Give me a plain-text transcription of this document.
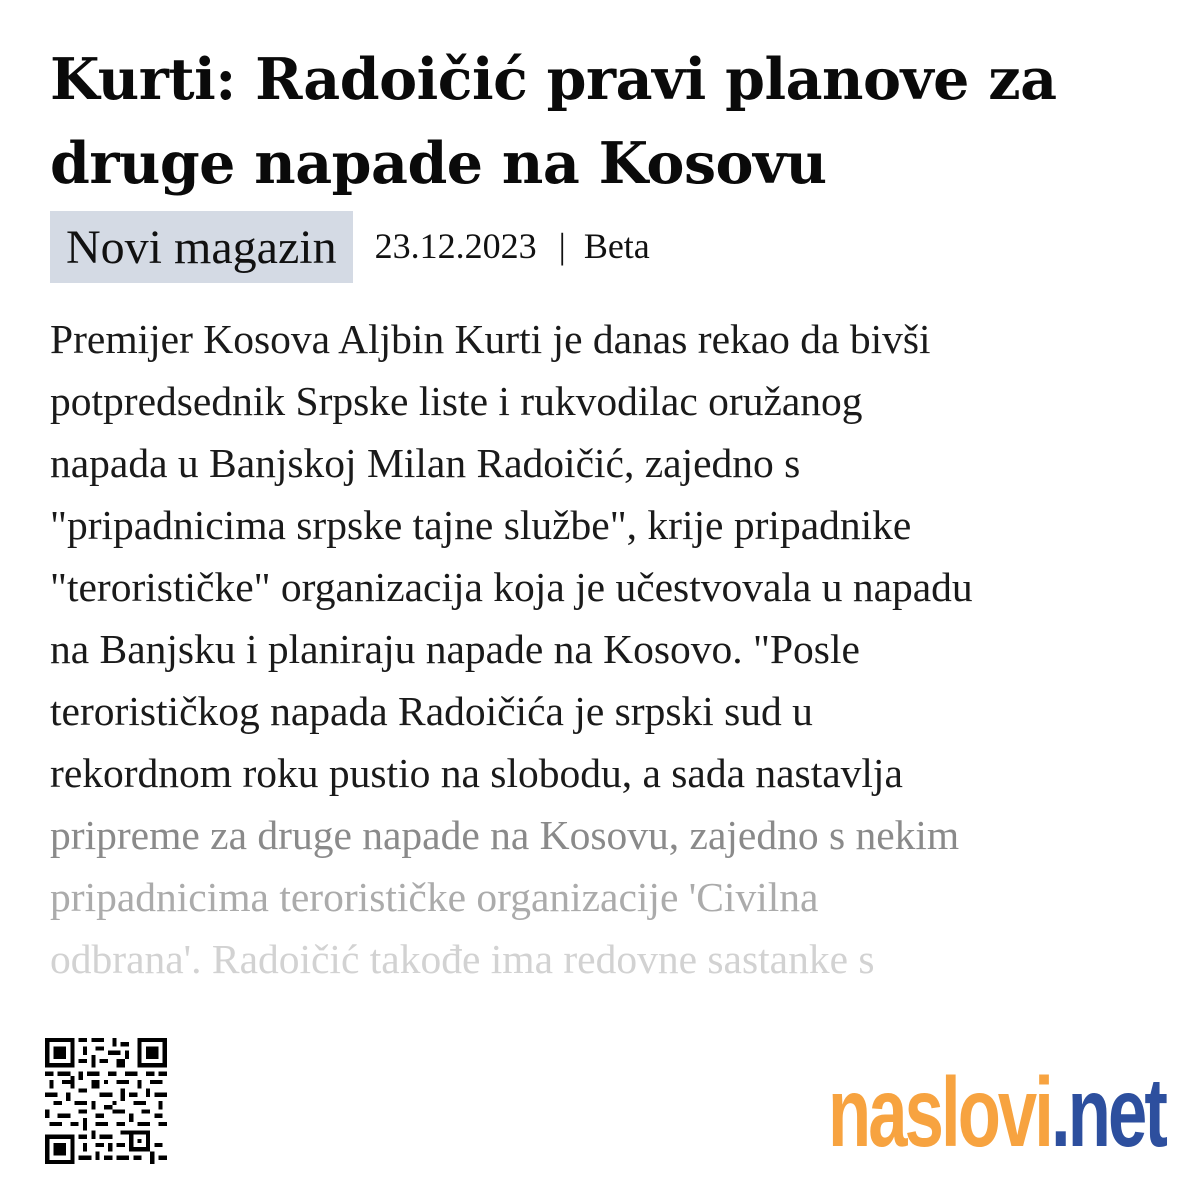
Kurti: Radoičić pravi planove za druge napade na Kosovu
Novi magazin	23.12.2023 | Beta
Premijer Kosova Aljbin Kurti je danas rekao da bivši
potpredsednik Srpske liste i rukvodilac oružanog
napada u Banjskoj Milan Radoičić, zajedno s
"pripadnicima srpske tajne službe", krije pripadnike
"terorističke" organizacija koja je učestvovala u napadu
na Banjsku i planiraju napade na Kosovo. "Posle
terorističkog napada Radoičića je srpski sud u
rekordnom roku pustio na slobodu, a sada nastavlja
pripreme za druge napade na Kosovu, zajedno s nekim
pripadnicima terorističke organizacije 'Civilna
odbrana'. Radoičić takođe ima redovne sastanke s
naslovi.net
